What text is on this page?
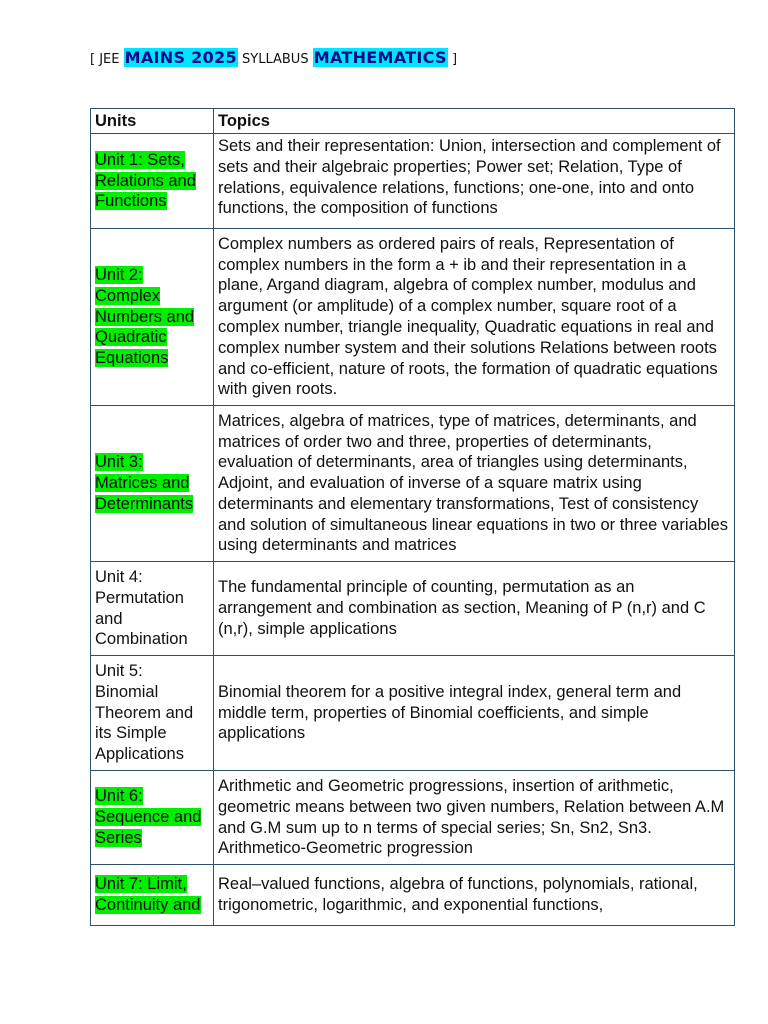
[ JEE MAINS 2025 SYLLABUS MATHEMATICS ]
Units	Topics
Unit 1: Sets, Relations and Functions	Sets and their representation: Union, intersection and complement of sets and their algebraic properties; Power set; Relation, Type of relations, equivalence relations, functions; one-one, into and onto functions, the composition of functions
Unit 2: Complex Numbers and Quadratic Equations	Complex numbers as ordered pairs of reals, Representation of complex numbers in the form a + ib and their representation in a plane, Argand diagram, algebra of complex number, modulus and argument (or amplitude) of a complex number, square root of a complex number, triangle inequality, Quadratic equations in real and complex number system and their solutions Relations between roots and co-efficient, nature of roots, the formation of quadratic equations with given roots.
Unit 3: Matrices and Determinants	Matrices, algebra of matrices, type of matrices, determinants, and matrices of order two and three, properties of determinants, evaluation of determinants, area of triangles using determinants, Adjoint, and evaluation of inverse of a square matrix using determinants and elementary transformations, Test of consistency and solution of simultaneous linear equations in two or three variables using determinants and matrices
Unit 4: Permutation and Combination	The fundamental principle of counting, permutation as an arrangement and combination as section, Meaning of P (n,r) and C (n,r), simple applications
Unit 5: Binomial Theorem and its Simple Applications	Binomial theorem for a positive integral index, general term and middle term, properties of Binomial coefficients, and simple applications
Unit 6: Sequence and Series	Arithmetic and Geometric progressions, insertion of arithmetic, geometric means between two given numbers, Relation between A.M and G.M sum up to n terms of special series; Sn, Sn2, Sn3. Arithmetico-Geometric progression
Unit 7: Limit, Continuity and	Real–valued functions, algebra of functions, polynomials, rational, trigonometric, logarithmic, and exponential functions,
